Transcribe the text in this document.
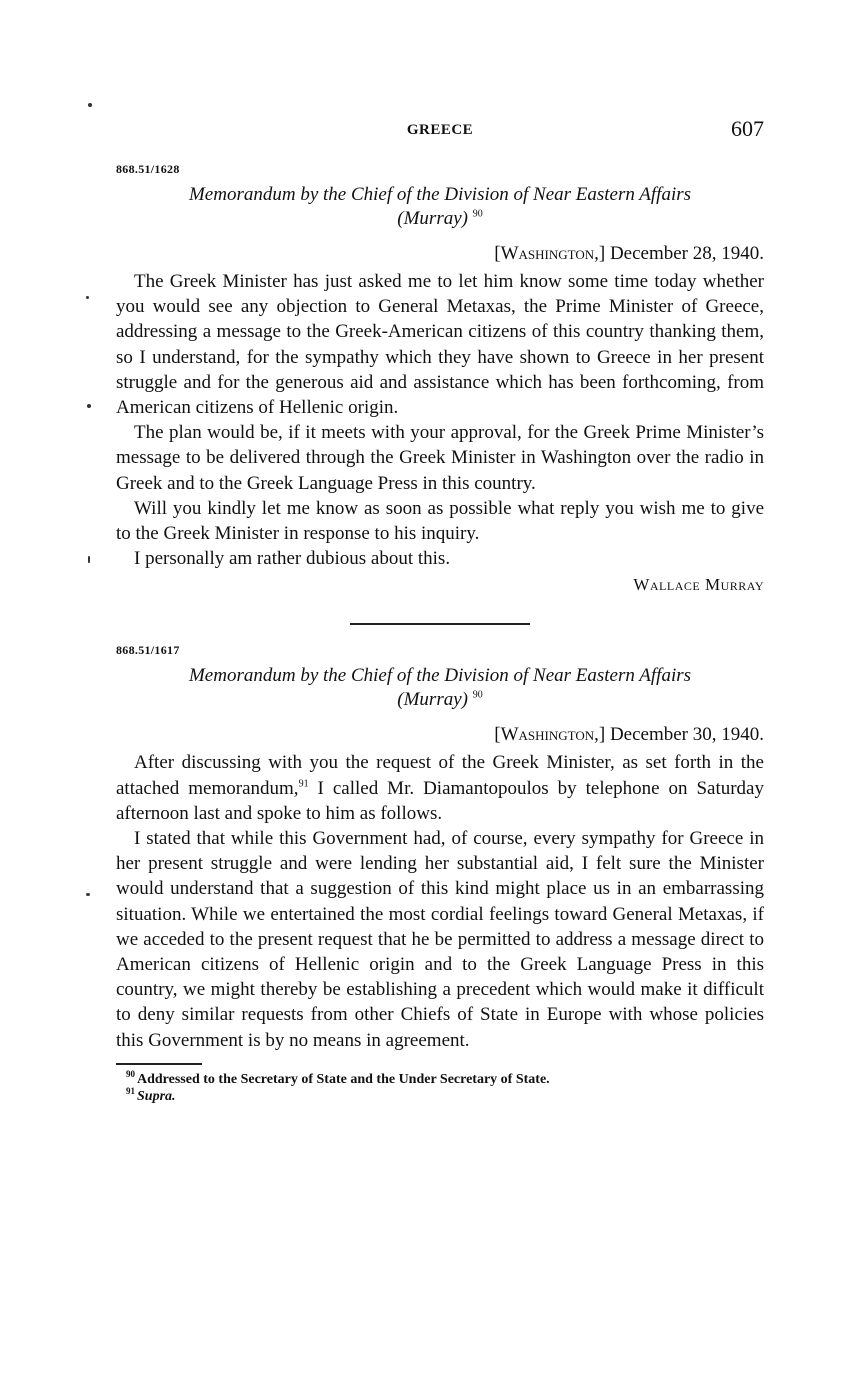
GREECE	607
868.51/1628
Memorandum by the Chief of the Division of Near Eastern Affairs
(Murray) $^{90}$
[Washington,] December 28, 1940.

The Greek Minister has just asked me to let him know some time today whether you would see any objection to General Metaxas, the Prime Minister of Greece, addressing a message to the Greek-American citizens of this country thanking them, so I understand, for the sympathy which they have shown to Greece in her present struggle and for the generous aid and assistance which has been forthcoming, from American citizens of Hellenic origin.

The plan would be, if it meets with your approval, for the Greek Prime Minister’s message to be delivered through the Greek Minister in Washington over the radio in Greek and to the Greek Language Press in this country.

Will you kindly let me know as soon as possible what reply you wish me to give to the Greek Minister in response to his inquiry.

I personally am rather dubious about this.

Wallace Murray
868.51/1617
Memorandum by the Chief of the Division of Near Eastern Affairs
(Murray) $^{90}$
[Washington,] December 30, 1940.

After discussing with you the request of the Greek Minister, as set forth in the attached memorandum,$^{91}$ I called Mr. Diamantopoulos by telephone on Saturday afternoon last and spoke to him as follows.

I stated that while this Government had, of course, every sympathy for Greece in her present struggle and were lending her substantial aid, I felt sure the Minister would understand that a suggestion of this kind might place us in an embarrassing situation. While we entertained the most cordial feelings toward General Metaxas, if we acceded to the present request that he be permitted to address a message direct to American citizens of Hellenic origin and to the Greek Language Press in this country, we might thereby be establishing a precedent which would make it difficult to deny similar requests from other Chiefs of State in Europe with whose policies this Government is by no means in agreement.

$^{90}$ Addressed to the Secretary of State and the Under Secretary of State.
$^{91}$ Supra.
